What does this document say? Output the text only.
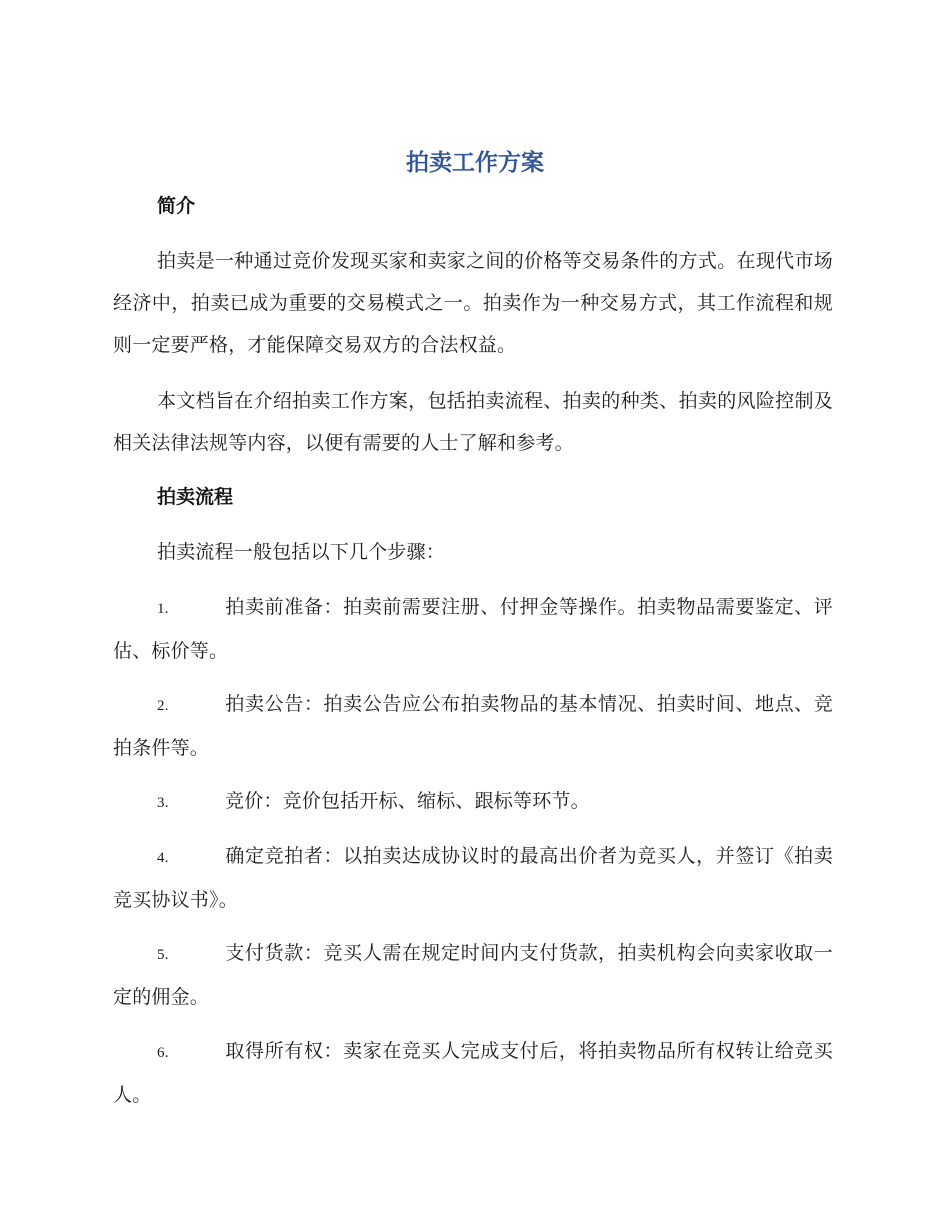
拍卖工作方案
简介
拍卖是一种通过竞价发现买家和卖家之间的价格等交易条件的方式。在现代市场经济中，拍卖已成为重要的交易模式之一。拍卖作为一种交易方式，其工作流程和规则一定要严格，才能保障交易双方的合法权益。
本文档旨在介绍拍卖工作方案，包括拍卖流程、拍卖的种类、拍卖的风险控制及相关法律法规等内容，以便有需要的人士了解和参考。
拍卖流程
拍卖流程一般包括以下几个步骤：
1.	拍卖前准备：拍卖前需要注册、付押金等操作。拍卖物品需要鉴定、评估、标价等。
2.	拍卖公告：拍卖公告应公布拍卖物品的基本情况、拍卖时间、地点、竞拍条件等。
3.	竞价：竞价包括开标、缩标、跟标等环节。
4.	确定竞拍者：以拍卖达成协议时的最高出价者为竞买人，并签订《拍卖竞买协议书》。
5.	支付货款：竞买人需在规定时间内支付货款，拍卖机构会向卖家收取一定的佣金。
6.	取得所有权：卖家在竞买人完成支付后，将拍卖物品所有权转让给竞买人。
